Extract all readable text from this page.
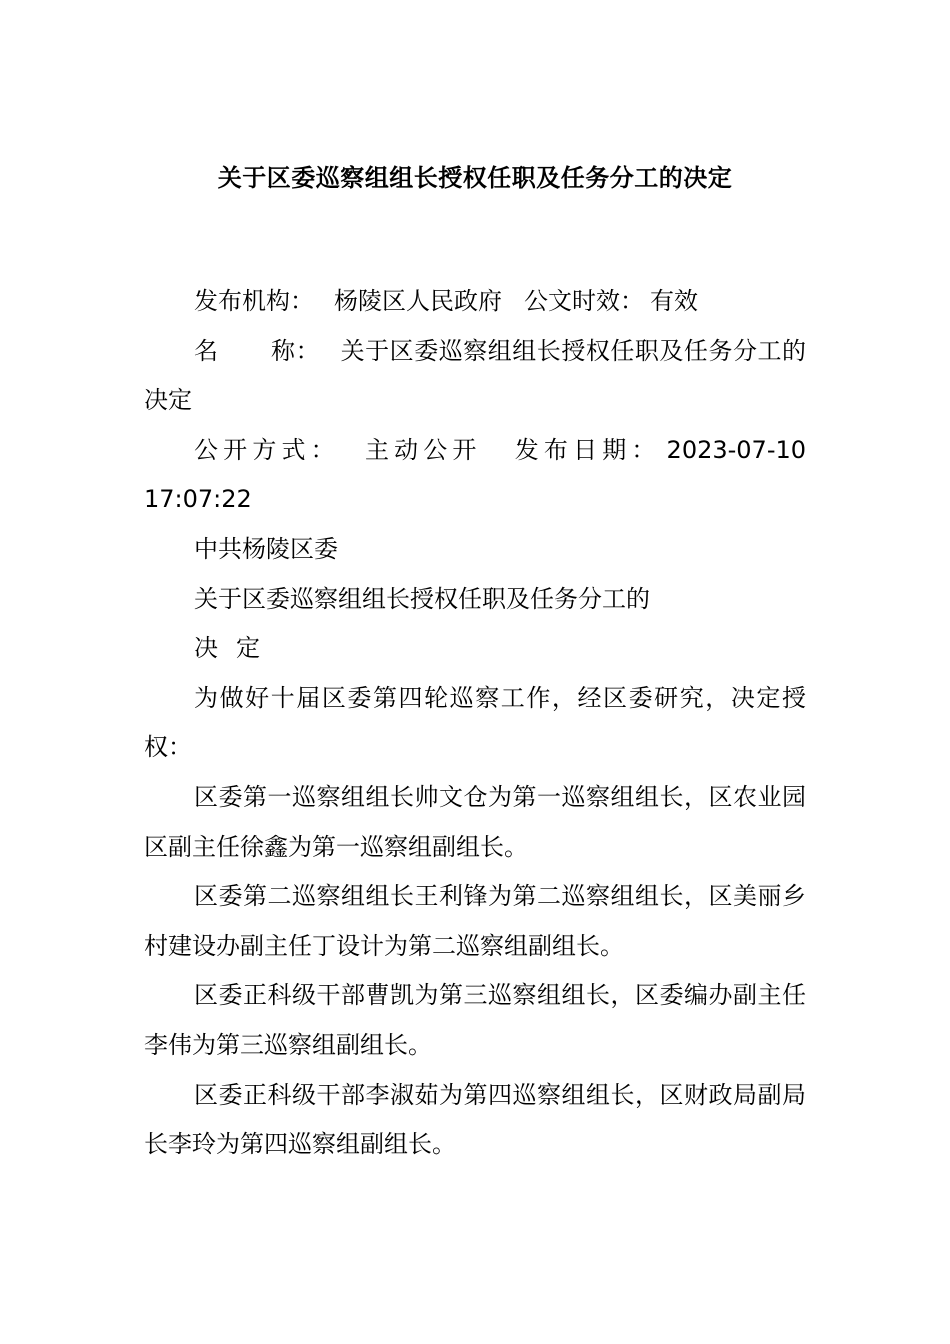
关于区委巡察组组长授权任职及任务分工的决定

发布机构： 杨陵区人民政府 公文时效： 有效

名 称： 关于区委巡察组组长授权任职及任务分工的决定

公开方式： 主动公开 发布日期： 2023-07-10 17:07:22

中共杨陵区委

关于区委巡察组组长授权任职及任务分工的

决 定

为做好十届区委第四轮巡察工作，经区委研究，决定授权：

区委第一巡察组组长帅文仓为第一巡察组组长，区农业园区副主任徐鑫为第一巡察组副组长。

区委第二巡察组组长王利锋为第二巡察组组长，区美丽乡村建设办副主任丁设计为第二巡察组副组长。

区委正科级干部曹凯为第三巡察组组长，区委编办副主任李伟为第三巡察组副组长。

区委正科级干部李淑茹为第四巡察组组长，区财政局副局长李玲为第四巡察组副组长。
